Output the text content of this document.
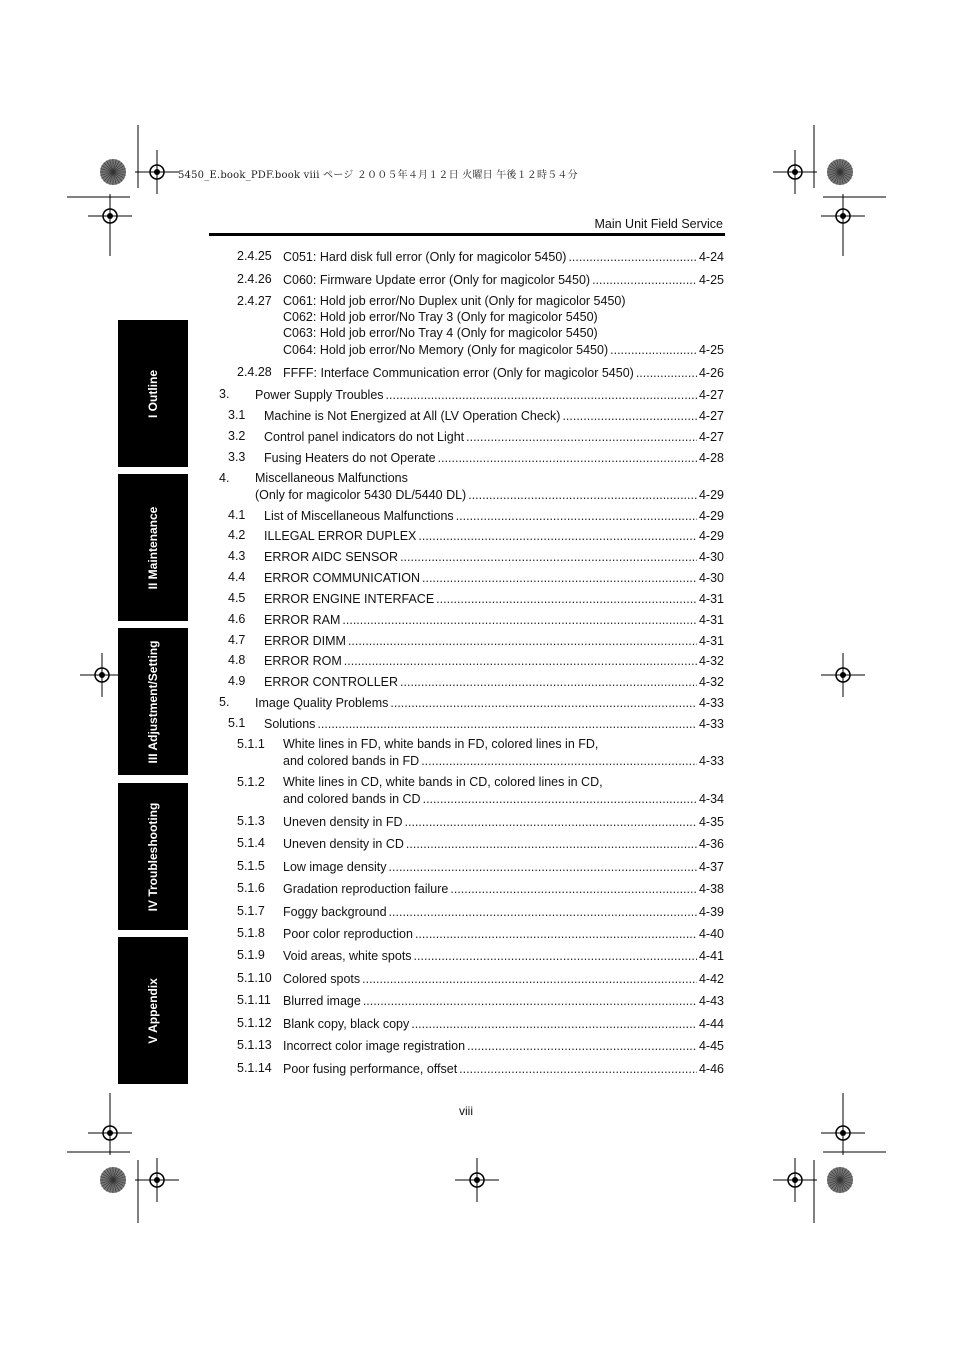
5450_E.book_PDF.book viii ページ ２００５年４月１２日 火曜日 午後１２時５４分
Main Unit Field Service
I Outline
II Maintenance
III Adjustment/Setting
IV Troubleshooting
V Appendix
2.4.25 C051: Hard disk full error (Only for magicolor 5450) .....	4-24
2.4.26 C060: Firmware Update error (Only for magicolor 5450) .....	4-25
2.4.27 C061: Hold job error/No Duplex unit (Only for magicolor 5450)
C062: Hold job error/No Tray 3 (Only for magicolor 5450)
C063: Hold job error/No Tray 4 (Only for magicolor 5450)
C064: Hold job error/No Memory (Only for magicolor 5450) .....	4-25
2.4.28 FFFF: Interface Communication error (Only for magicolor 5450) .....	4-26
3. Power Supply Troubles .....	4-27
3.1 Machine is Not Energized at All (LV Operation Check) .....	4-27
3.2 Control panel indicators do not Light .....	4-27
3.3 Fusing Heaters do not Operate .....	4-28
4. Miscellaneous Malfunctions
(Only for magicolor 5430 DL/5440 DL) .....	4-29
4.1 List of Miscellaneous Malfunctions .....	4-29
4.2 ILLEGAL ERROR DUPLEX .....	4-29
4.3 ERROR AIDC SENSOR .....	4-30
4.4 ERROR COMMUNICATION .....	4-30
4.5 ERROR ENGINE INTERFACE .....	4-31
4.6 ERROR RAM .....	4-31
4.7 ERROR DIMM .....	4-31
4.8 ERROR ROM .....	4-32
4.9 ERROR CONTROLLER .....	4-32
5. Image Quality Problems .....	4-33
5.1 Solutions .....	4-33
5.1.1 White lines in FD, white bands in FD, colored lines in FD,
and colored bands in FD .....	4-33
5.1.2 White lines in CD, white bands in CD, colored lines in CD,
and colored bands in CD .....	4-34
5.1.3 Uneven density in FD .....	4-35
5.1.4 Uneven density in CD .....	4-36
5.1.5 Low image density .....	4-37
5.1.6 Gradation reproduction failure .....	4-38
5.1.7 Foggy background .....	4-39
5.1.8 Poor color reproduction .....	4-40
5.1.9 Void areas, white spots .....	4-41
5.1.10 Colored spots .....	4-42
5.1.11 Blurred image .....	4-43
5.1.12 Blank copy, black copy .....	4-44
5.1.13 Incorrect color image registration .....	4-45
5.1.14 Poor fusing performance, offset .....	4-46
viii
